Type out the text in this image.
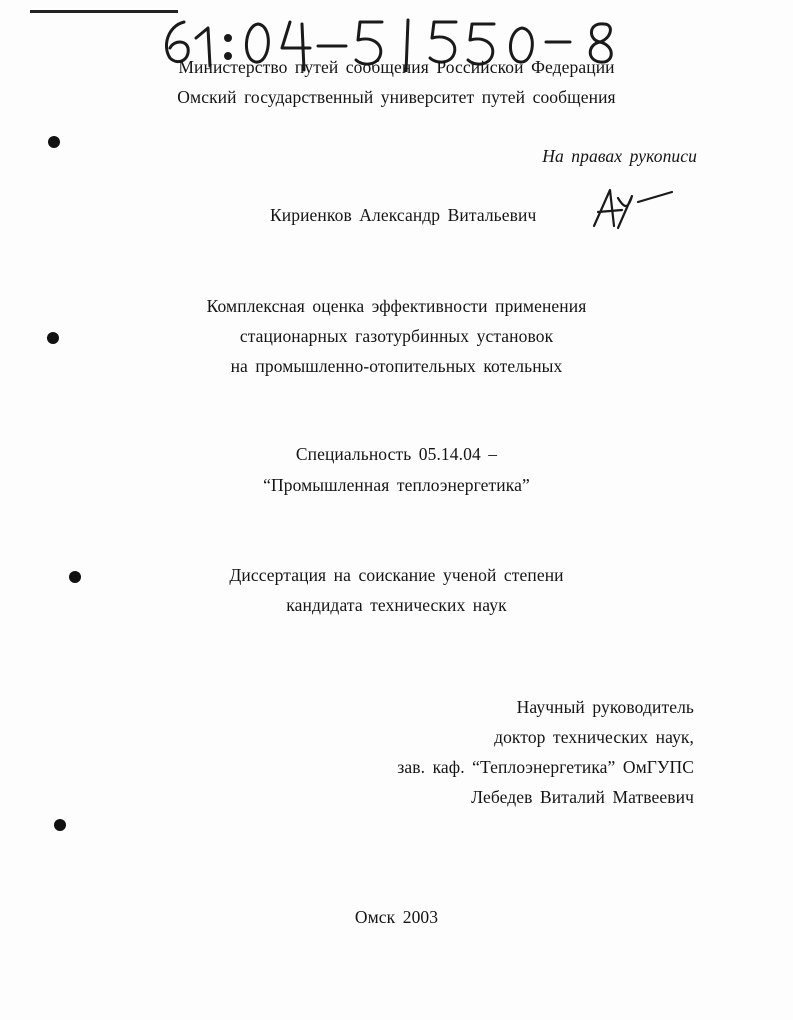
Министерство путей сообщения Российской Федерации
Омский государственный университет путей сообщения
На правах рукописи
Кириенков Александр Витальевич
Комплексная оценка эффективности применения
стационарных газотурбинных установок
на промышленно-отопительных котельных
Специальность 05.14.04 –
“Промышленная теплоэнергетика”
Диссертация на соискание ученой степени
кандидата технических наук
Научный руководитель
доктор технических наук,
зав. каф. “Теплоэнергетика” ОмГУПС
Лебедев Виталий Матвеевич
Омск 2003
